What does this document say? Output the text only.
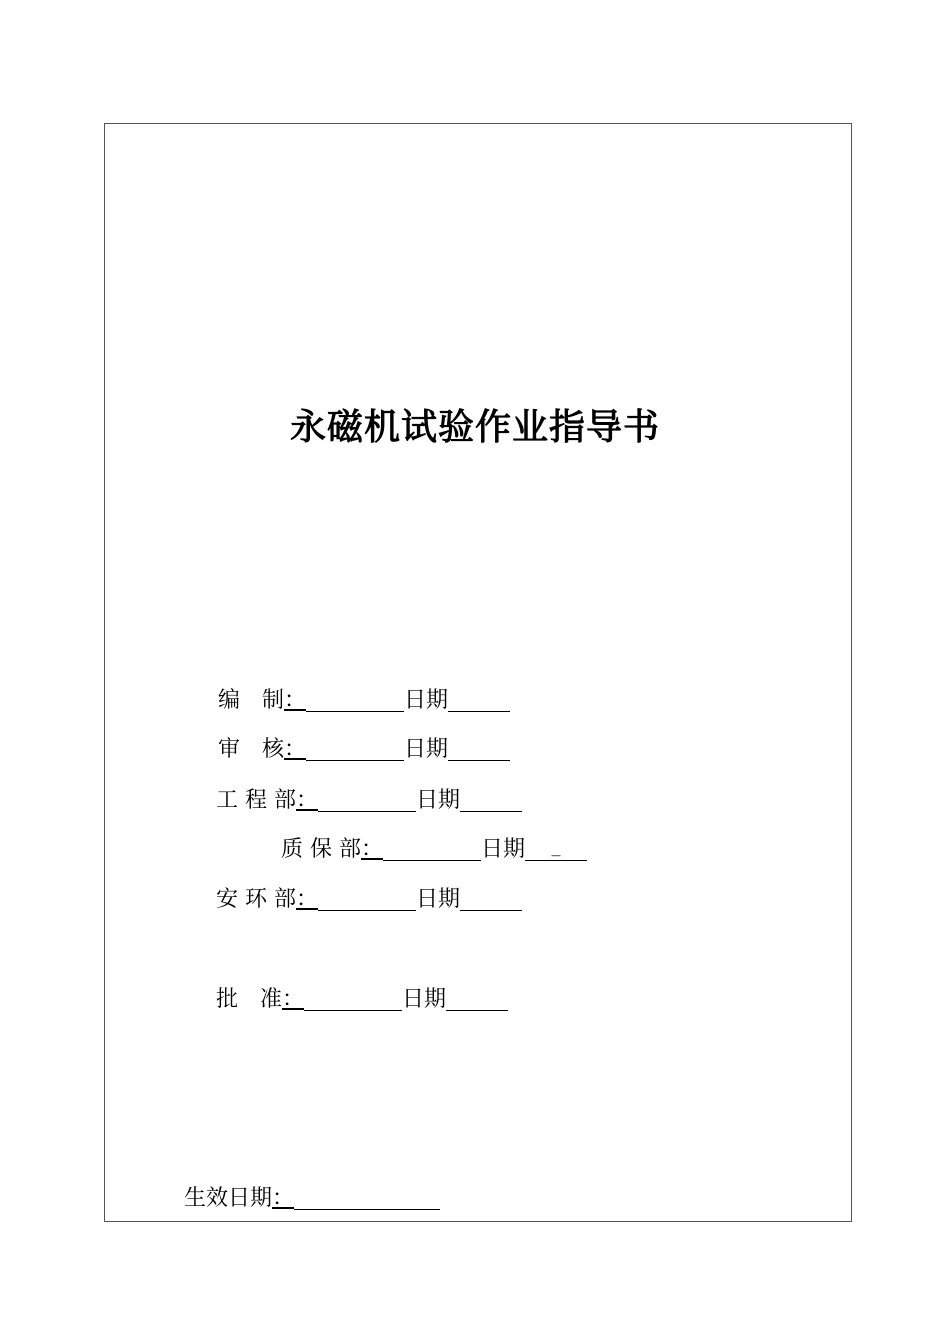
永磁机试验作业指导书
编　制 ：	日期
审　核 ：	日期
工 程 部 ：	日期
质 保 部 ：	日期	_
安 环 部 ：	日期
批　准 ：	日期
生效日期 ：
